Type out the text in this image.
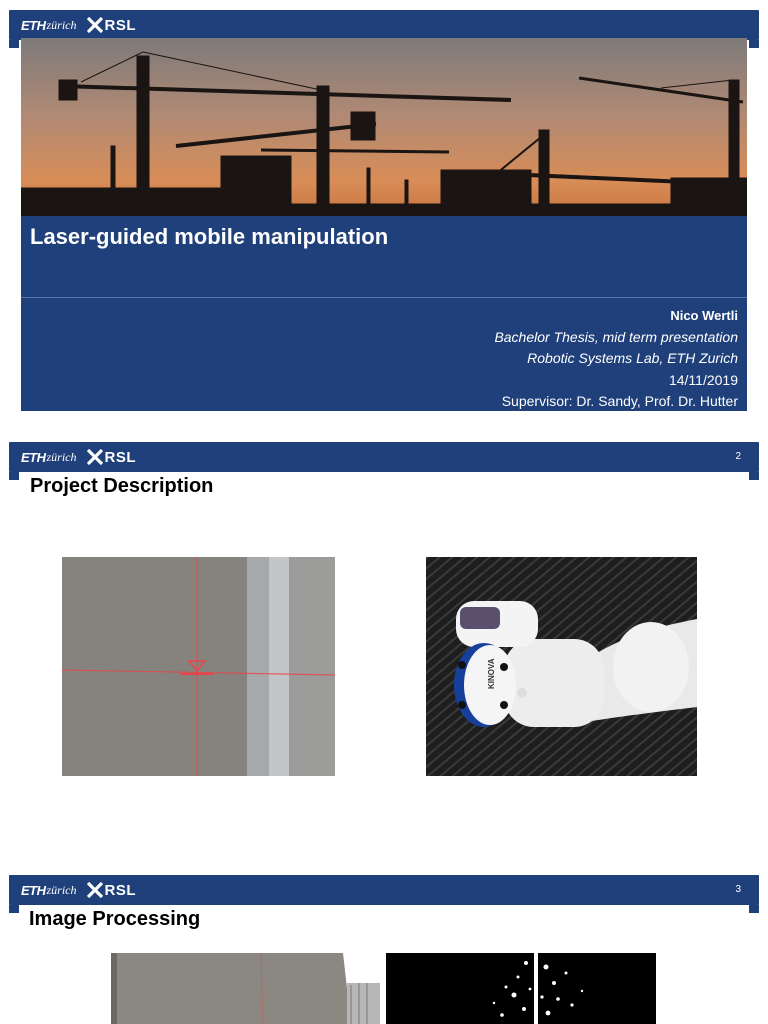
ETH zürich RSL
Laser-guided mobile manipulation
Nico Wertli
Bachelor Thesis, mid term presentation
Robotic Systems Lab, ETH Zurich
14/11/2019
Supervisor: Dr. Sandy, Prof. Dr. Hutter
ETH zürich RSL	2
Project Description
KINOVA
ETH zürich RSL	3
Image Processing
